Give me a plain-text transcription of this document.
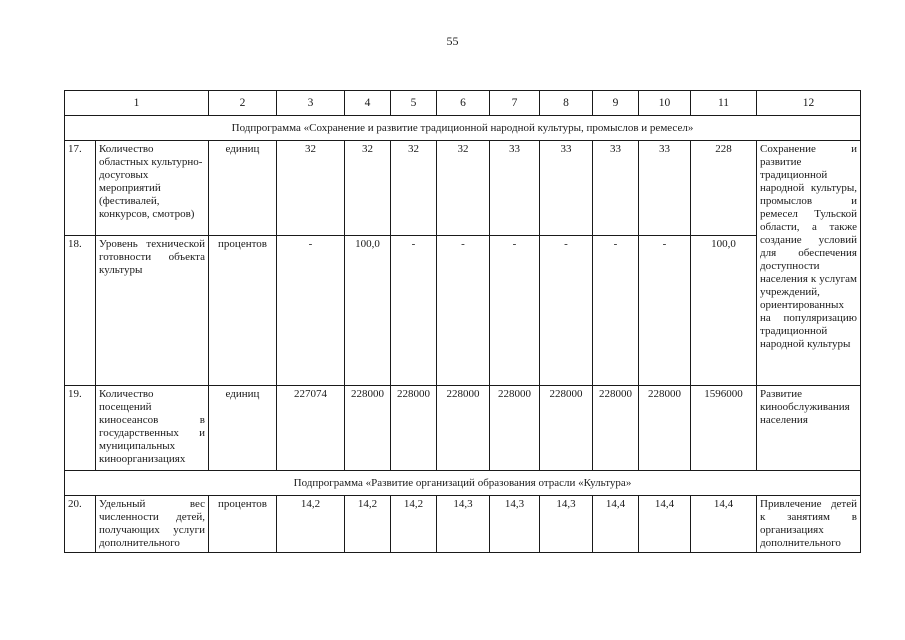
55
1		2	3	4	5	6	7	8	9	10	11	12
Подпрограмма «Сохранение и развитие традиционной народной культуры, промыслов и ремесел»												
17.	Количество областных культурно-досуговых мероприятий (фестивалей, конкурсов, смотров)	единиц	32	32	32	32	33	33	33	33	228	Сохранение и развитие традиционной народной культуры, промыслов и ремесел Тульской области, а также создание условий для обеспечения доступности населения к услугам учреждений, ориентированных на популяризацию традиционной народной культуры
18.	Уровень технической готовности объекта культуры	процентов	-	100,0	-	-	-	-	-	-	100,0	
19.	Количество посещений киносеансов в государственных и муниципальных киноорганизациях	единиц	227074	228000	228000	228000	228000	228000	228000	228000	1596000	Развитие кинообслуживания населения
Подпрограмма «Развитие организаций образования отрасли «Культура»												
20.	Удельный вес численности детей, получающих услуги дополнительного	процентов	14,2	14,2	14,2	14,3	14,3	14,3	14,4	14,4	14,4	Привлечение детей к занятиям в организациях дополнительного
